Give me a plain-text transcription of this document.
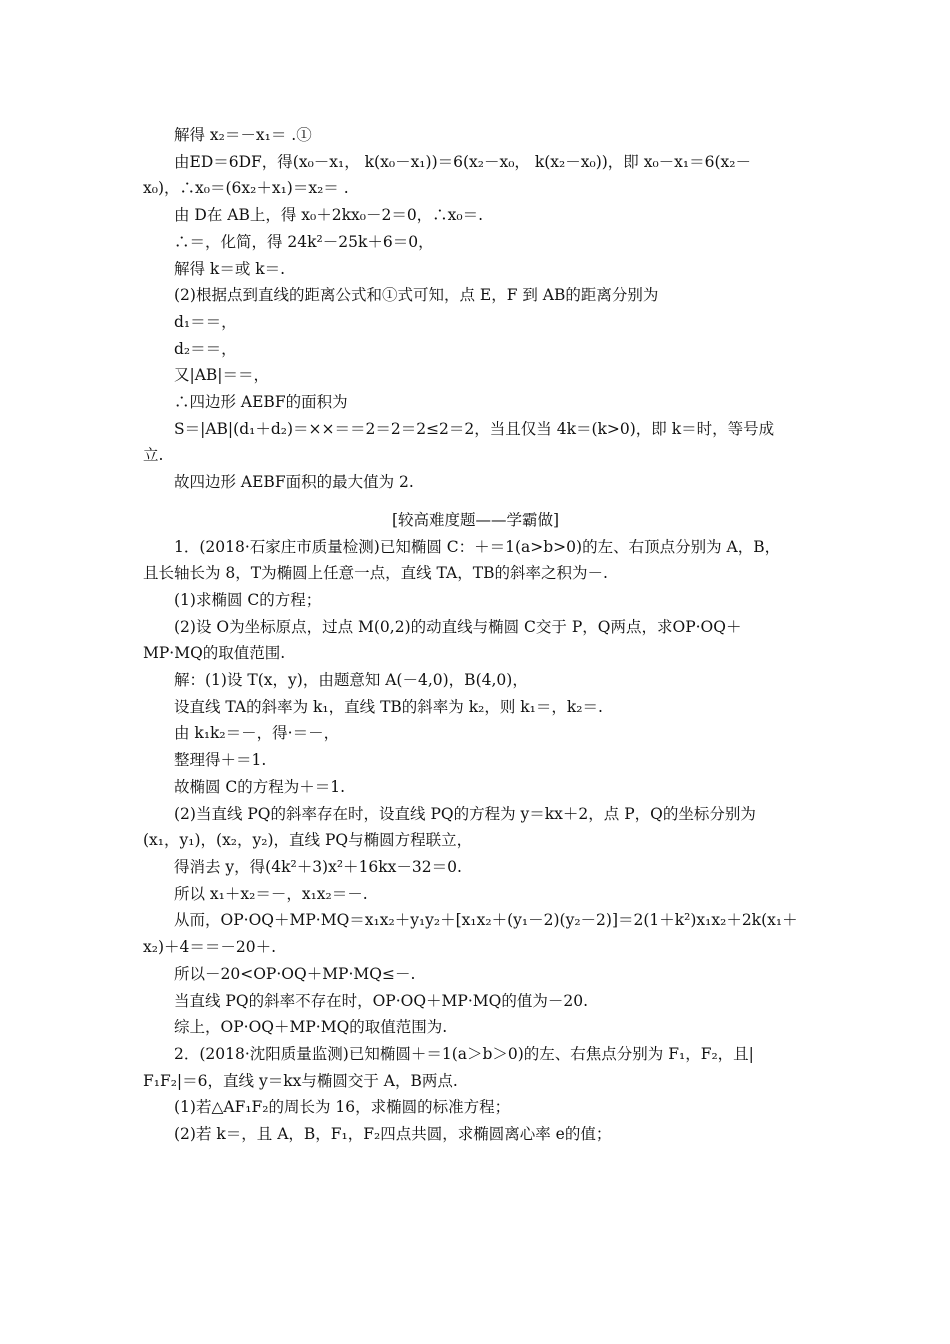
解得 x₂＝－x₁＝ .①
由ED＝6DF，得(x₀－x₁， k(x₀－x₁))＝6(x₂－x₀， k(x₂－x₀))，即 x₀－x₁＝6(x₂－
x₀)，∴x₀＝(6x₂＋x₁)＝x₂＝ .
由 D在 AB上，得 x₀＋2kx₀－2＝0，∴x₀＝.
∴＝，化简，得 24k²－25k＋6＝0，
解得 k＝或 k＝.
(2)根据点到直线的距离公式和①式可知，点 E，F 到 AB的距离分别为
d₁＝＝，
d₂＝＝，
又|AB|＝＝，
∴四边形 AEBF的面积为
S＝|AB|(d₁＋d₂)＝××＝＝2＝2＝2≤2＝2，当且仅当 4k＝(k>0)，即 k＝时，等号成
立.
故四边形 AEBF面积的最大值为 2.
[较高难度题——学霸做]
1．(2018·石家庄市质量检测)已知椭圆 C：＋＝1(a>b>0)的左、右顶点分别为 A，B，
且长轴长为 8，T为椭圆上任意一点，直线 TA，TB的斜率之积为－.
(1)求椭圆 C的方程；
(2)设 O为坐标原点，过点 M(0,2)的动直线与椭圆 C交于 P，Q两点，求OP·OQ＋
MP·MQ的取值范围.
解：(1)设 T(x，y)，由题意知 A(－4,0)，B(4,0)，
设直线 TA的斜率为 k₁，直线 TB的斜率为 k₂，则 k₁＝，k₂＝.
由 k₁k₂＝－，得·＝－，
整理得＋＝1.
故椭圆 C的方程为＋＝1.
(2)当直线 PQ的斜率存在时，设直线 PQ的方程为 y＝kx＋2，点 P，Q的坐标分别为
(x₁，y₁)，(x₂，y₂)，直线 PQ与椭圆方程联立，
得消去 y，得(4k²＋3)x²＋16kx－32＝0.
所以 x₁＋x₂＝－，x₁x₂＝－.
从而，OP·OQ＋MP·MQ＝x₁x₂＋y₁y₂＋[x₁x₂＋(y₁－2)(y₂－2)]＝2(1＋k²)x₁x₂＋2k(x₁＋
x₂)＋4＝＝－20＋.
所以－20<OP·OQ＋MP·MQ≤－.
当直线 PQ的斜率不存在时，OP·OQ＋MP·MQ的值为－20.
综上，OP·OQ＋MP·MQ的取值范围为.
2．(2018·沈阳质量监测)已知椭圆＋＝1(a＞b＞0)的左、右焦点分别为 F₁，F₂，且|
F₁F₂|＝6，直线 y＝kx与椭圆交于 A，B两点.
(1)若△AF₁F₂的周长为 16，求椭圆的标准方程；
(2)若 k＝，且 A，B，F₁，F₂四点共圆，求椭圆离心率 e的值；
